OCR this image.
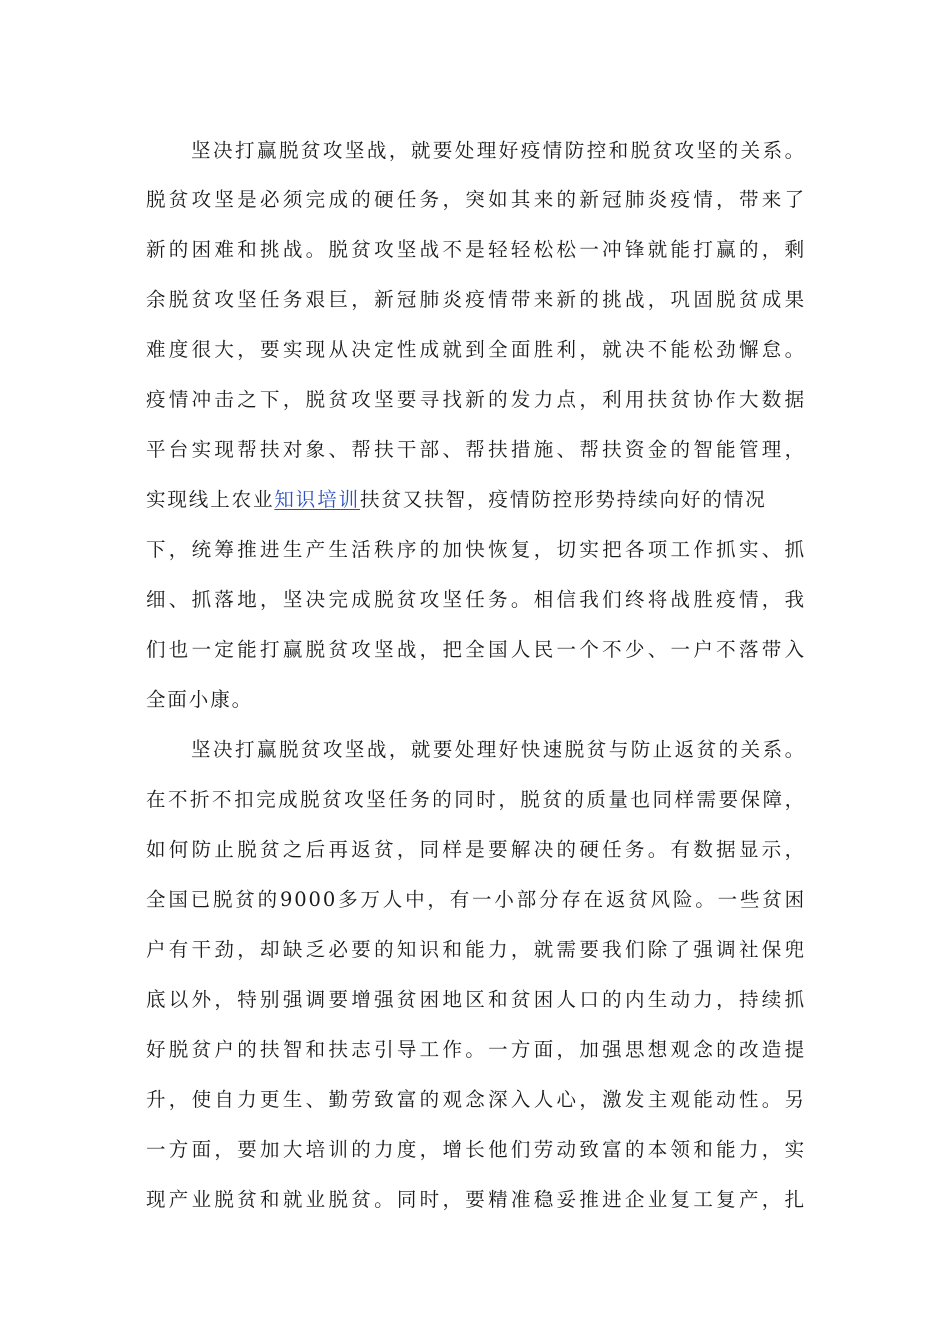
坚决打赢脱贫攻坚战，就要处理好疫情防控和脱贫攻坚的关系。
脱贫攻坚是必须完成的硬任务，突如其来的新冠肺炎疫情，带来了
新的困难和挑战。脱贫攻坚战不是轻轻松松一冲锋就能打赢的，剩
余脱贫攻坚任务艰巨，新冠肺炎疫情带来新的挑战，巩固脱贫成果
难度很大，要实现从决定性成就到全面胜利，就决不能松劲懈怠。
疫情冲击之下，脱贫攻坚要寻找新的发力点，利用扶贫协作大数据
平台实现帮扶对象、帮扶干部、帮扶措施、帮扶资金的智能管理，
实现线上农业知识培训扶贫又扶智，疫情防控形势持续向好的情况
下，统筹推进生产生活秩序的加快恢复，切实把各项工作抓实、抓
细、抓落地，坚决完成脱贫攻坚任务。相信我们终将战胜疫情，我
们也一定能打赢脱贫攻坚战，把全国人民一个不少、一户不落带入
全面小康。
坚决打赢脱贫攻坚战，就要处理好快速脱贫与防止返贫的关系。
在不折不扣完成脱贫攻坚任务的同时，脱贫的质量也同样需要保障，
如何防止脱贫之后再返贫，同样是要解决的硬任务。有数据显示，
全国已脱贫的9000多万人中，有一小部分存在返贫风险。一些贫困
户有干劲，却缺乏必要的知识和能力，就需要我们除了强调社保兜
底以外，特别强调要增强贫困地区和贫困人口的内生动力，持续抓
好脱贫户的扶智和扶志引导工作。一方面，加强思想观念的改造提
升，使自力更生、勤劳致富的观念深入人心，激发主观能动性。另
一方面，要加大培训的力度，增长他们劳动致富的本领和能力，实
现产业脱贫和就业脱贫。同时，要精准稳妥推进企业复工复产，扎
